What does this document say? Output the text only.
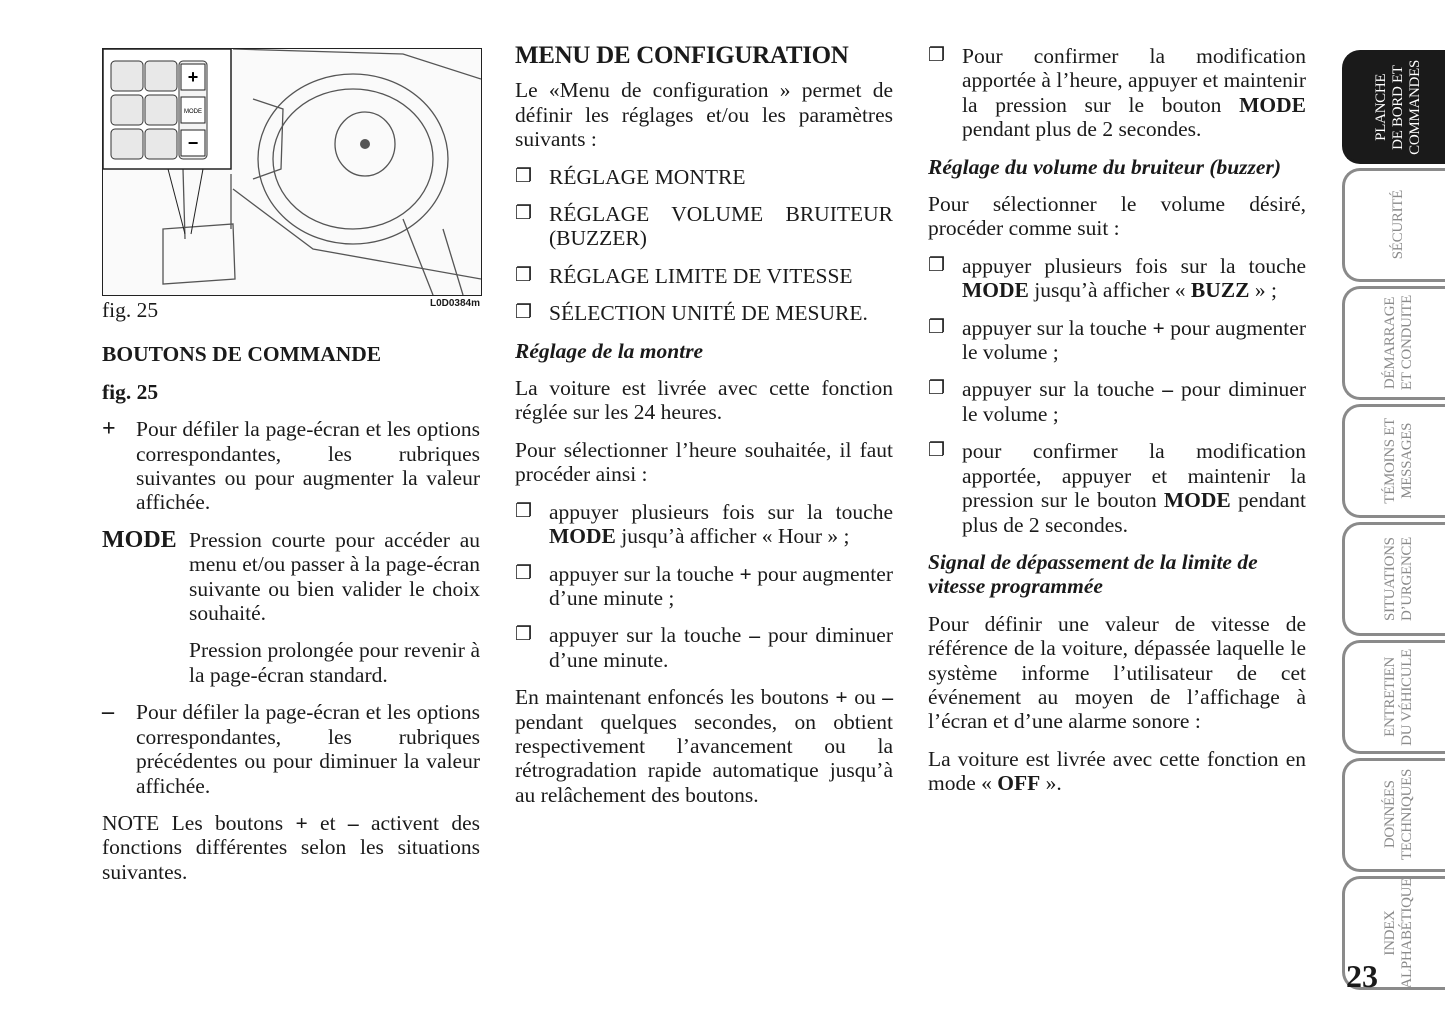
+
MODE
−
fig. 25	L0D0384m
BOUTONS DE COMMANDE
fig. 25
+ Pour défiler la page-écran et les options correspondantes, les rubriques suivantes ou pour augmenter la valeur affichée.
MODE Pression courte pour accéder au menu et/ou passer à la page-écran suivante ou bien valider le choix souhaité.
Pression prolongée pour revenir à la page-écran standard.
–	Pour défiler la page-écran et les options correspondantes, les rubriques précédentes ou pour diminuer la valeur affichée.
NOTE Les boutons + et – activent des fonctions différentes selon les situations suivantes.
MENU DE CONFIGURATION
Le «Menu de configuration » permet de définir les réglages et/ou les paramètres suivants :
❐ RÉGLAGE MONTRE
❐ RÉGLAGE VOLUME BRUITEUR (BUZZER)
❐ RÉGLAGE LIMITE DE VITESSE
❐ SÉLECTION UNITÉ DE MESURE.
Réglage de la montre
La voiture est livrée avec cette fonction réglée sur les 24 heures.
Pour sélectionner l’heure souhaitée, il faut procéder ainsi :
❐ appuyer plusieurs fois sur la touche MODE jusqu’à afficher « Hour » ;
❐ appuyer sur la touche + pour augmenter d’une minute ;
❐ appuyer sur la touche – pour diminuer d’une minute.
En maintenant enfoncés les boutons + ou – pendant quelques secondes, on obtient respectivement l’avancement ou la rétrogradation rapide automatique jusqu’à au relâchement des boutons.
❐ Pour confirmer la modification apportée à l’heure, appuyer et maintenir la pression sur le bouton MODE pendant plus de 2 secondes.
Réglage du volume du bruiteur (buzzer)
Pour sélectionner le volume désiré, procéder comme suit :
❐ appuyer plusieurs fois sur la touche MODE jusqu’à afficher « BUZZ » ;
❐ appuyer sur la touche + pour augmenter le volume ;
❐ appuyer sur la touche – pour diminuer le volume ;
❐ pour confirmer la modification apportée, appuyer et maintenir la pression sur le bouton MODE pendant plus de 2 secondes.
Signal de dépassement de la limite de vitesse programmée
Pour définir une valeur de vitesse de référence de la voiture, dépassée laquelle le système informe l’utilisateur de cet événement au moyen de l’affichage à l’écran et d’une alarme sonore :
La voiture est livrée avec cette fonction en mode « OFF ».
PLANCHE
DE BORD ET
COMMANDES
SÉCURITÉ
DÉMARRAGE
ET CONDUITE
TÉMOINS ET
MESSAGES
SITUATIONS
D’URGENCE
ENTRETIEN
DU VÉHICULE
DONNÉES
TECHNIQUES
INDEX
ALPHABÉTIQUE
23
